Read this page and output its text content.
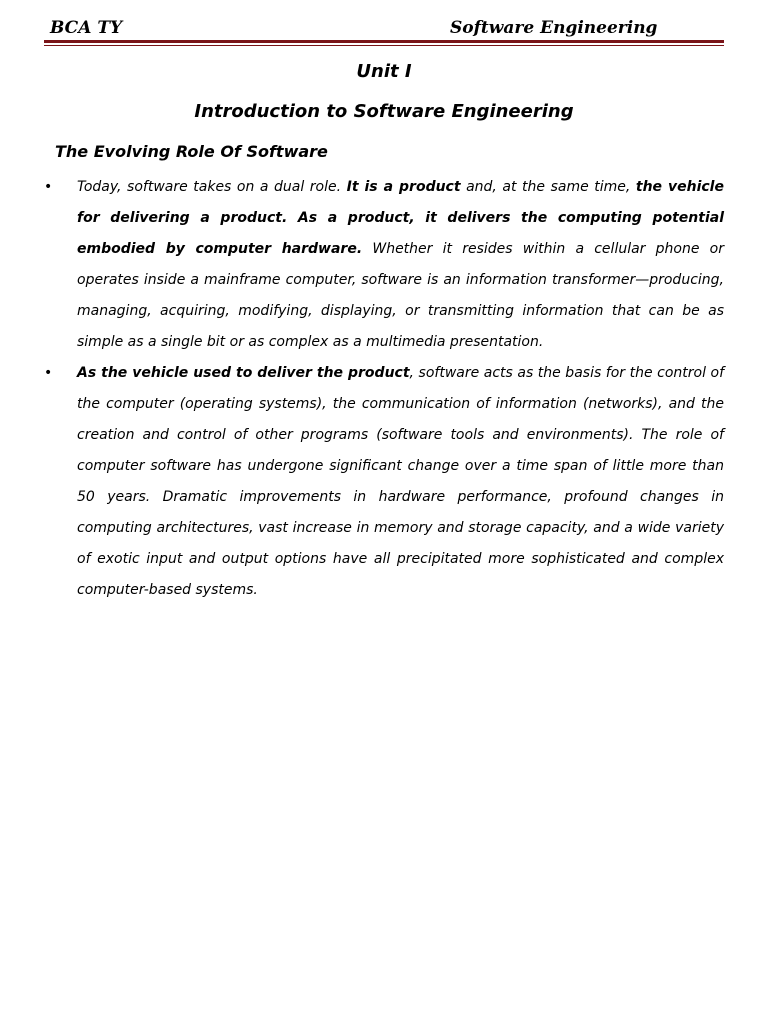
BCA TY	Software Engineering
Unit I
Introduction to Software Engineering
The Evolving Role Of Software
• Today, software takes on a dual role. It is a product and, at the same time, the vehicle for delivering a product. As a product, it delivers the computing potential embodied by computer hardware. Whether it resides within a cellular phone or operates inside a mainframe computer, software is an information transformer—producing, managing, acquiring, modifying, displaying, or transmitting information that can be as simple as a single bit or as complex as a multimedia presentation.
• As the vehicle used to deliver the product, software acts as the basis for the control of the computer (operating systems), the communication of information (networks), and the creation and control of other programs (software tools and environments). The role of computer software has undergone significant change over a time span of little more than 50 years. Dramatic improvements in hardware performance, profound changes in computing architectures, vast increase in memory and storage capacity, and a wide variety of exotic input and output options have all precipitated more sophisticated and complex computer-based systems.
